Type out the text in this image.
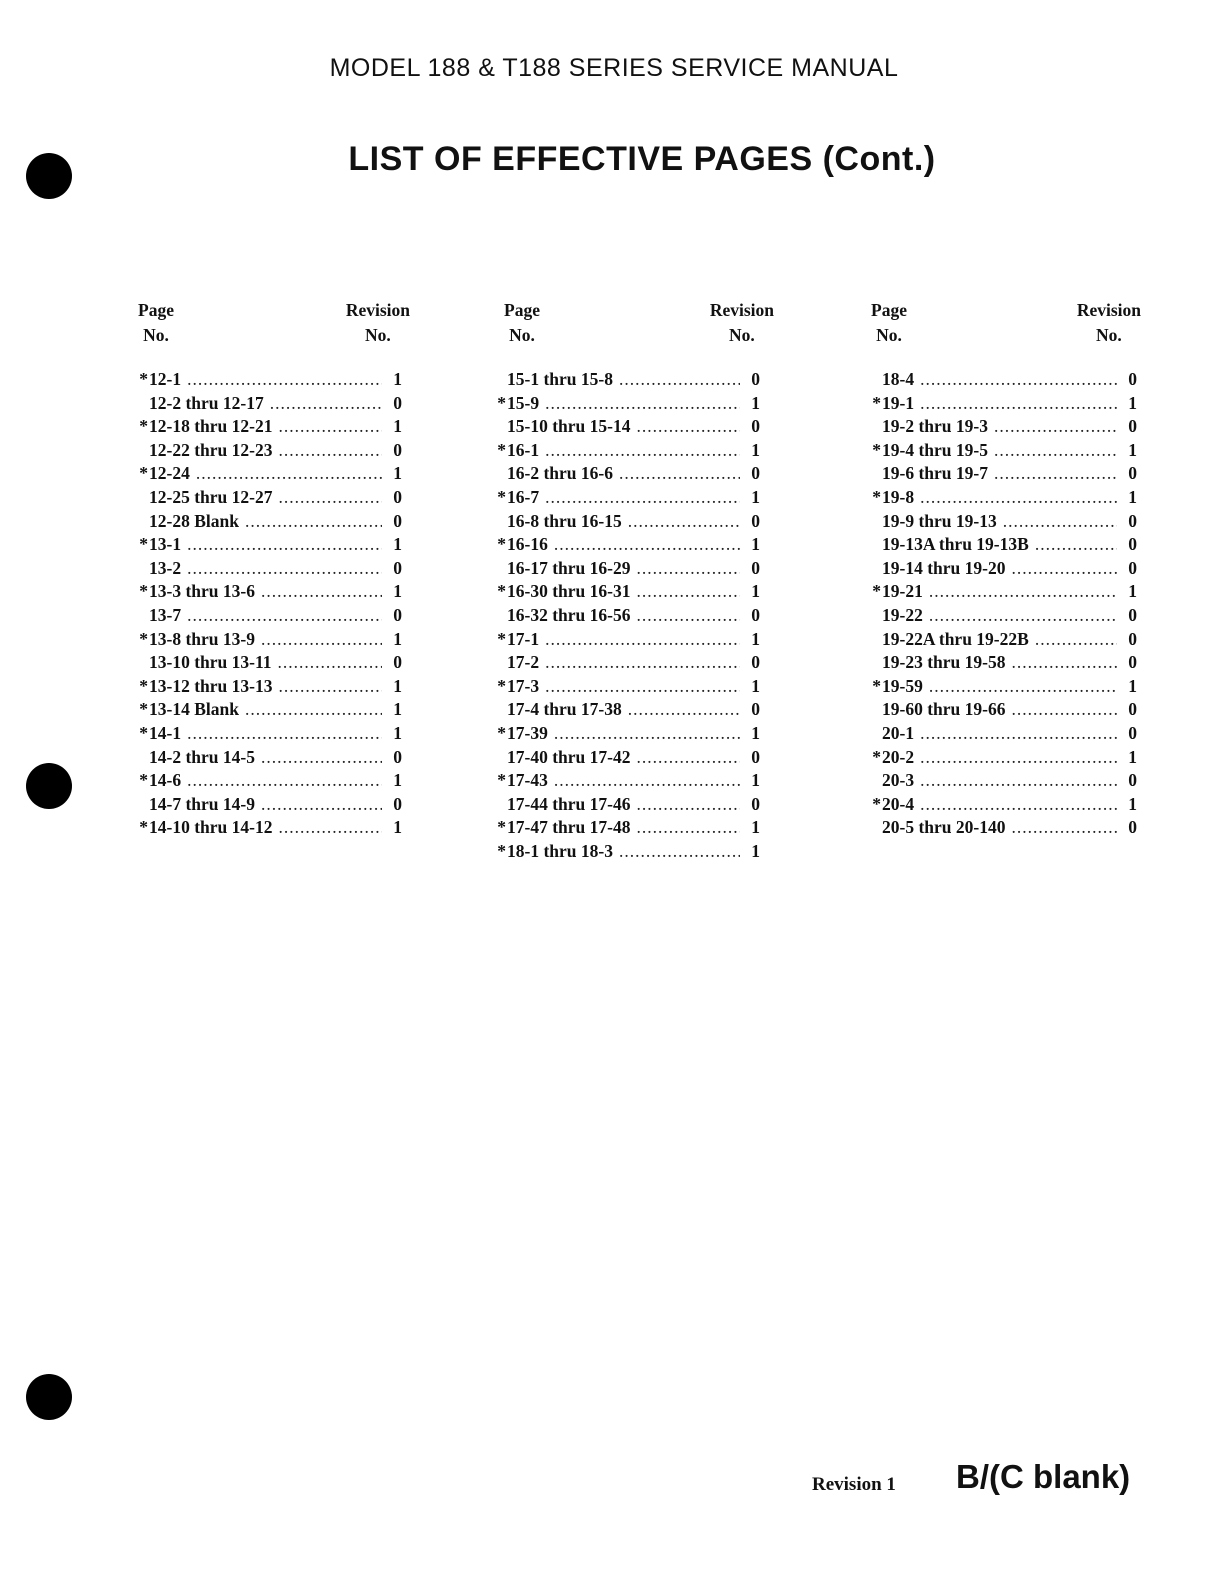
MODEL 188 & T188 SERIES SERVICE MANUAL
LIST OF EFFECTIVE PAGES (Cont.)
Page
No.
Revision
No.
* 12-1 .....	1
12-2 thru 12-17 .....	0
* 12-18 thru 12-21 .....	1
12-22 thru 12-23 .....	0
* 12-24 .....	1
12-25 thru 12-27 .....	0
12-28 Blank .....	0
* 13-1 .....	1
13-2 .....	0
* 13-3 thru 13-6 .....	1
13-7 .....	0
* 13-8 thru 13-9 .....	1
13-10 thru 13-11 .....	0
* 13-12 thru 13-13 .....	1
* 13-14 Blank .....	1
* 14-1 .....	1
14-2 thru 14-5 .....	0
* 14-6 .....	1
14-7 thru 14-9 .....	0
* 14-10 thru 14-12 .....	1
Page
No.
Revision
No.
15-1 thru 15-8 .....	0
* 15-9 .....	1
15-10 thru 15-14 .....	0
* 16-1 .....	1
16-2 thru 16-6 .....	0
* 16-7 .....	1
16-8 thru 16-15 .....	0
* 16-16 .....	1
16-17 thru 16-29 .....	0
* 16-30 thru 16-31 .....	1
16-32 thru 16-56 .....	0
* 17-1 .....	1
17-2 .....	0
* 17-3 .....	1
17-4 thru 17-38 .....	0
* 17-39 .....	1
17-40 thru 17-42 .....	0
* 17-43 .....	1
17-44 thru 17-46 .....	0
* 17-47 thru 17-48 .....	1
* 18-1 thru 18-3 .....	1
Page
No.
Revision
No.
18-4 .....	0
* 19-1 .....	1
19-2 thru 19-3 .....	0
* 19-4 thru 19-5 .....	1
19-6 thru 19-7 .....	0
* 19-8 .....	1
19-9 thru 19-13 .....	0
19-13A thru 19-13B .....	0
19-14 thru 19-20 .....	0
* 19-21 .....	1
19-22 .....	0
19-22A thru 19-22B .....	0
19-23 thru 19-58 .....	0
* 19-59 .....	1
19-60 thru 19-66 .....	0
20-1 .....	0
* 20-2 .....	1
20-3 .....	0
* 20-4 .....	1
20-5 thru 20-140 .....	0
Revision 1 B/(C blank)
